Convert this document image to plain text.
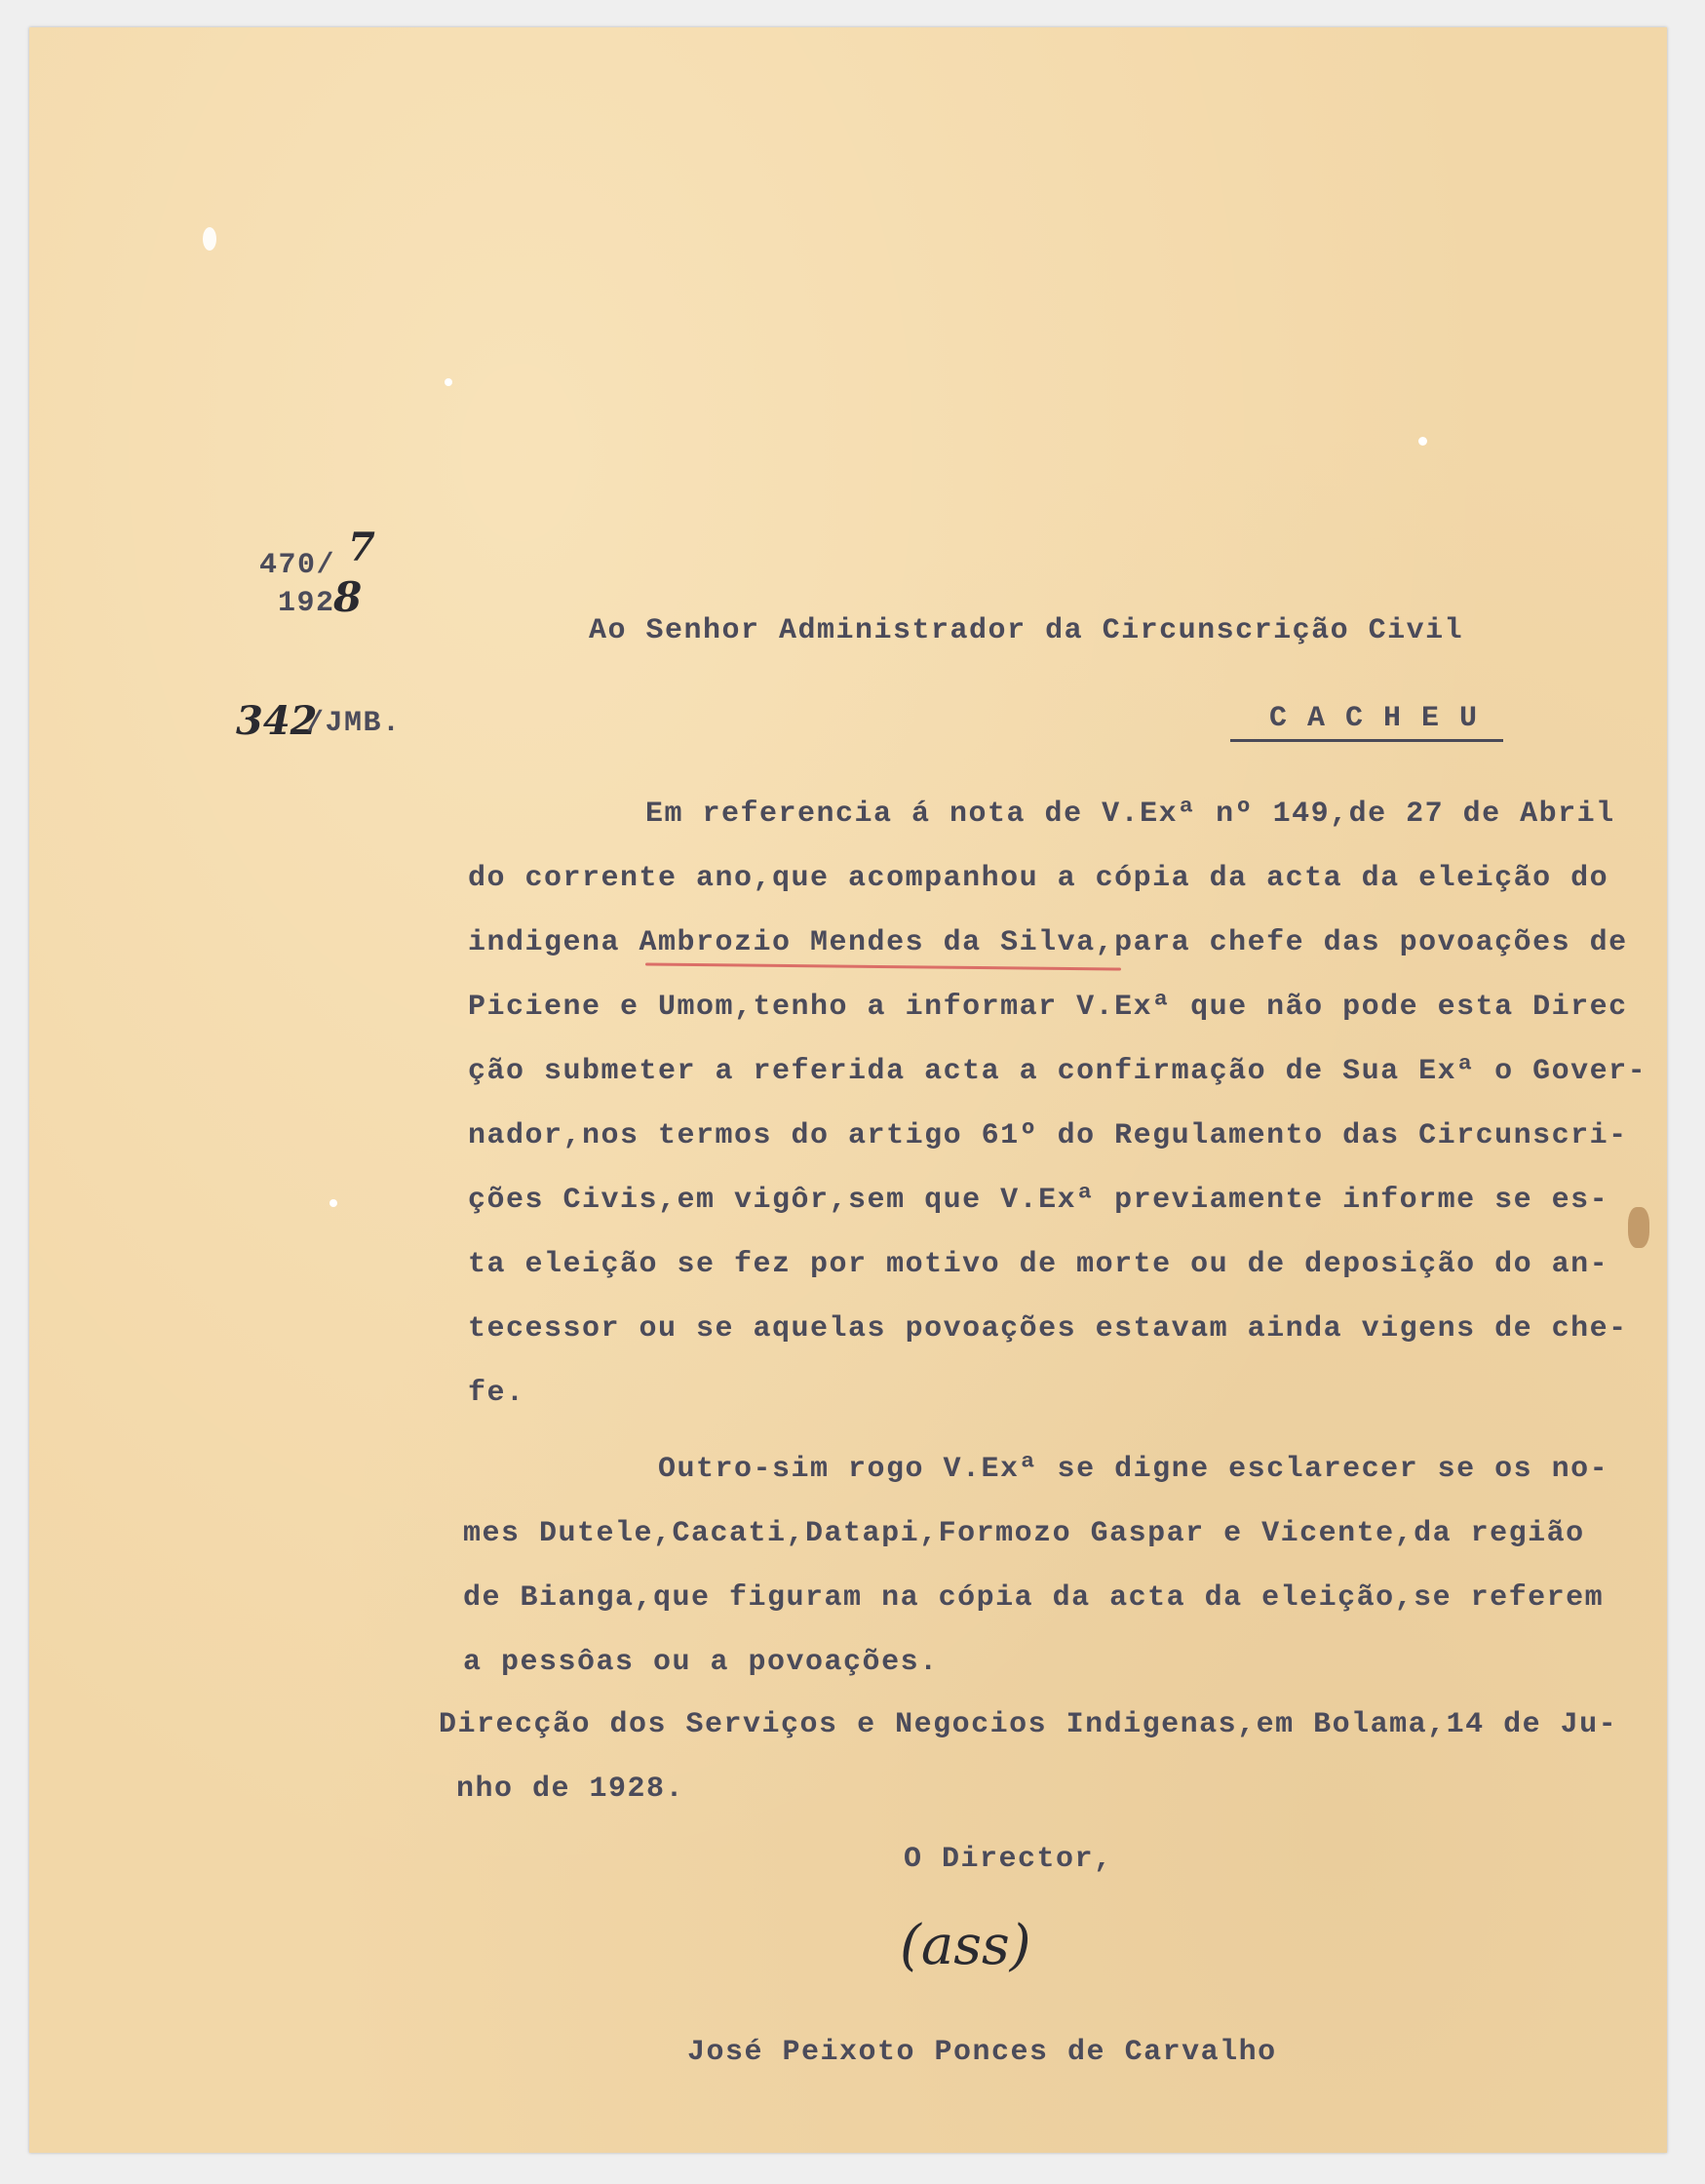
470/ 7
192
8
342
/JMB.
Ao Senhor Administrador da Circunscrição Civil
C A C H E U
Em referencia á nota de V.Exª nº 149,de 27 de Abril
do corrente ano,que acompanhou a cópia da acta da eleição do
indigena Ambrozio Mendes da Silva,para chefe das povoações de
Piciene e Umom,tenho a informar V.Exª que não pode esta Direc
ção submeter a referida acta a confirmação de Sua Exª o Gover-
nador,nos termos do artigo 61º do Regulamento das Circunscri-
ções Civis,em vigôr,sem que V.Exª previamente informe se es-
ta eleição se fez por motivo de morte ou de deposição do an-
tecessor ou se aquelas povoações estavam ainda vigens de che-
fe.
Outro-sim rogo V.Exª se digne esclarecer se os no-
mes Dutele,Cacati,Datapi,Formozo Gaspar e Vicente,da região
de Bianga,que figuram na cópia da acta da eleição,se referem
a pessôas ou a povoações.
Direcção dos Serviços e Negocios Indigenas,em Bolama,14 de Ju-
nho de 1928.
O Director,
(ass)
José Peixoto Ponces de Carvalho
